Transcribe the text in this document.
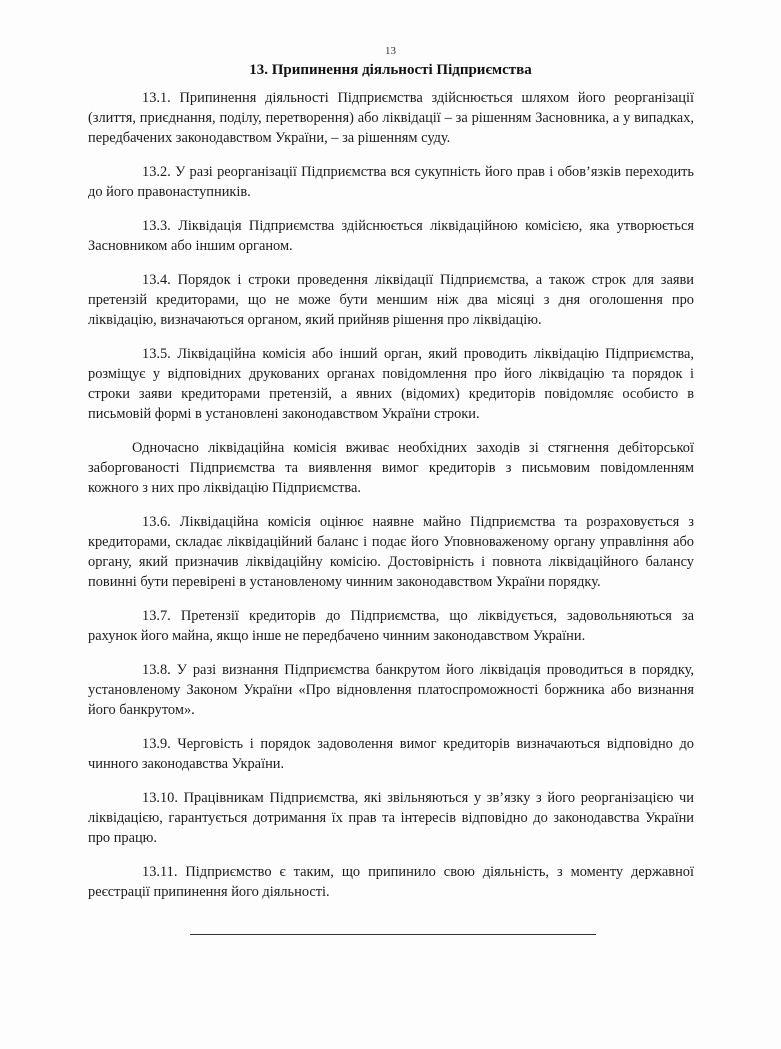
13
13. Припинення діяльності Підприємства

13.1. Припинення діяльності Підприємства здійснюється шляхом його реорганізації (злиття, приєднання, поділу, перетворення) або ліквідації – за рішенням Засновника, а у випадках, передбачених законодавством України, – за рішенням суду.

13.2. У разі реорганізації Підприємства вся сукупність його прав і обов’язків переходить до його правонаступників.

13.3. Ліквідація Підприємства здійснюється ліквідаційною комісією, яка утворюється Засновником або іншим органом.

13.4. Порядок і строки проведення ліквідації Підприємства, а також строк для заяви претензій кредиторами, що не може бути меншим ніж два місяці з дня оголошення про ліквідацію, визначаються органом, який прийняв рішення про ліквідацію.

13.5. Ліквідаційна комісія або інший орган, який проводить ліквідацію Підприємства, розміщує у відповідних друкованих органах повідомлення про його ліквідацію та порядок і строки заяви кредиторами претензій, а явних (відомих) кредиторів повідомляє особисто в письмовій формі в установлені законодавством України строки.

Одночасно ліквідаційна комісія вживає необхідних заходів зі стягнення дебіторської заборгованості Підприємства та виявлення вимог кредиторів з письмовим повідомленням кожного з них про ліквідацію Підприємства.

13.6. Ліквідаційна комісія оцінює наявне майно Підприємства та розраховується з кредиторами, складає ліквідаційний баланс і подає його Уповноваженому органу управління або органу, який призначив ліквідаційну комісію. Достовірність і повнота ліквідаційного балансу повинні бути перевірені в установленому чинним законодавством України порядку.

13.7. Претензії кредиторів до Підприємства, що ліквідується, задовольняються за рахунок його майна, якщо інше не передбачено чинним законодавством України.

13.8. У разі визнання Підприємства банкрутом його ліквідація проводиться в порядку, установленому Законом України «Про відновлення платоспроможності боржника або визнання його банкрутом».

13.9. Черговість і порядок задоволення вимог кредиторів визначаються відповідно до чинного законодавства України.

13.10. Працівникам Підприємства, які звільняються у зв’язку з його реорганізацією чи ліквідацією, гарантується дотримання їх прав та інтересів відповідно до законодавства України про працю.

13.11. Підприємство є таким, що припинило свою діяльність, з моменту державної реєстрації припинення його діяльності.
